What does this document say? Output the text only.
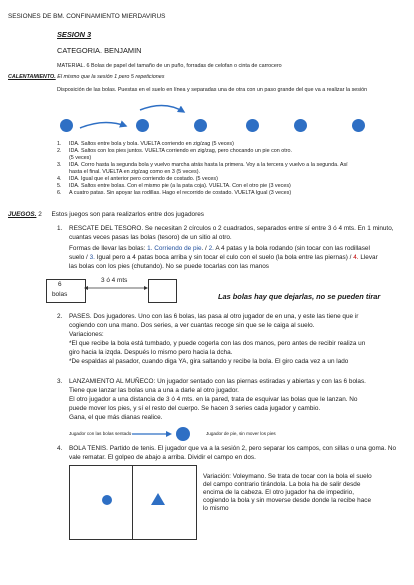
SESIONES DE BM. CONFINAMIENTO MIERDAVIRUS
SESION 3
CATEGORIA. BENJAMIN
MATERIAL. 6 Bolas de papel del tamaño de un puño, forradas de celofan o cinta de carrocero
CALENTAMIENTO. El mismo que la sesión 1 pero 5 repeticiones
Disposición de las bolas. Puestas en el suelo en línea y separadas una de otra con un paso grande del que va a realizar la sesión
1. IDA. Saltos entre bola y bola. VUELTA corriendo en zig/zag (5 veces)
2. IDA. Saltos con los pies juntos. VUELTA corriendo en zig/zag, pero chocando un pie con otro.
(5 veces)
3. IDA. Corro hasta la segunda bola y vuelvo marcha atrás hasta la primera. Voy a la tercera y vuelvo a la segunda. Así
hasta el final. VUELTA en zig/zag como en 3 (5 veces).
4. IDA. Igual que el anterior pero corriendo de costado. (5 veces)
5. IDA. Saltos entre bolas. Con el mismo pie (a la pata coja). VUELTA. Con el otro pie (3 veces)
6. A cuatro patas. Sin apoyar las rodillas. Hago el recorrido de costado. VUELTA Igual (3 veces)
JUEGOS. 2 Estos juegos son para realizarlos entre dos jugadores
1. RESCATE DEL TESORO. Se necesitan 2 círculos o 2 cuadrados, separados entre sí entre 3 ó 4 mts. En 1 minuto,
cuantas veces pasas las bolas (tesoro) de un sitio al otro.
Formas de llevar las bolas: 1. Corriendo de pie. / 2. A 4 patas y la bola rodando (sin tocar con las rodillasel
suelo / 3. Igual pero a 4 patas boca arriba y sin tocar el culo con el suelo (la bola entre las piernas) / 4. Llevar
las bolas con los pies (chutando). No se puede tocarlas con las manos
6
bolas
3 ó 4 mts
Las bolas hay que dejarlas, no se pueden tirar
2. PASES. Dos jugadores. Uno con las 6 bolas, las pasa al otro jugador de en una, y este las tiene que ir
cogiendo con una mano. Dos series, a ver cuantas recoge sin que se le caiga al suelo.
Variaciones:
*El que recibe la bola está tumbado, y puede cogerla con las dos manos, pero antes de recibir realiza un
giro hacia la izqda. Después lo mismo pero hacia la dcha.
*De espaldas al pasador, cuando diga YA, gira saltando y recibe la bola. El giro cada vez a un lado
3. LANZAMIENTO AL MUÑECO: Un jugador sentado con las piernas estiradas y abiertas y con las 6 bolas.
Tiene que lanzar las bolas una a una a darle al otro jugador.
El otro jugador a una distancia de 3 ó 4 mts. en la pared, trata de esquivar las bolas que le lanzan. No
puede mover los pies, y sí el resto del cuerpo. Se hacen 3 series cada jugador y cambio.
Gana, el que más dianas realice.
Jugador con las bolas sentado	Jugador de pie, sin mover los pies
4. BOLA TENIS. Partido de tenis. El jugador que va a la sesión 2, pero separar los campos, con sillas o una goma. No
vale rematar. El golpeo de abajo a arriba. Dividir el campo en dos.
Variación: Voleymano. Se trata de tocar con la bola el suelo
del campo contrario tirándola. La bola ha de salir desde
encima de la cabeza. El otro jugador ha de impedirio,
cogiendo la bola y sin moverse desde donde la recibe hace
lo mismo
